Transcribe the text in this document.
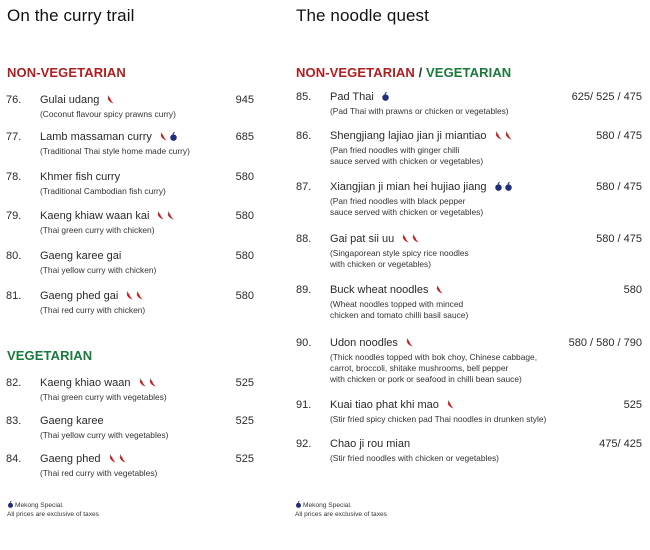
On the curry trail
NON-VEGETARIAN
76. Gulai udang
(Coconut flavour spicy prawns curry)
945
77. Lamb massaman curry
(Traditional Thai style home made curry)
685
78. Khmer fish curry
(Traditional Cambodian fish curry)
580
79. Kaeng khiaw waan kai
(Thai green curry with chicken)
580
80. Gaeng karee gai
(Thai yellow curry with chicken)
580
81. Gaeng phed gai
(Thai red curry with chicken)
580
VEGETARIAN
82. Kaeng khiao waan
(Thai green curry with vegetables)
525
83. Gaeng karee
(Thai yellow curry with vegetables)
525
84. Gaeng phed
(Thai red curry with vegetables)
525
Mekong Special.
All prices are exclusive of taxes
The noodle quest
NON-VEGETARIAN / VEGETARIAN
85. Pad Thai
(Pad Thai with prawns or chicken or vegetables)
625/ 525 / 475
86. Shengjiang lajiao jian ji miantiao
(Pan fried noodles with ginger chilli
sauce served with chicken or vegetables)
580 / 475
87. Xiangjian ji mian hei hujiao jiang
(Pan fried noodles with black pepper
sauce served with chicken or vegetables)
580 / 475
88. Gai pat sii uu
(Singaporean style spicy rice noodles
with chicken or vegetables)
580 / 475
89. Buck wheat noodles
(Wheat noodles topped with minced
chicken and tomato chilli basil sauce)
580
90. Udon noodles
(Thick noodles topped with bok choy, Chinese cabbage,
carrot, broccoli, shitake mushrooms, bell pepper
with chicken or pork or seafood in chilli bean sauce)
580 / 580 / 790
91. Kuai tiao phat khi mao
(Stir fried spicy chicken pad Thai noodles in drunken style)
525
92. Chao ji rou mian
(Stir fried noodles with chicken or vegetables)
475/ 425
Mekong Special.
All prices are exclusive of taxes
